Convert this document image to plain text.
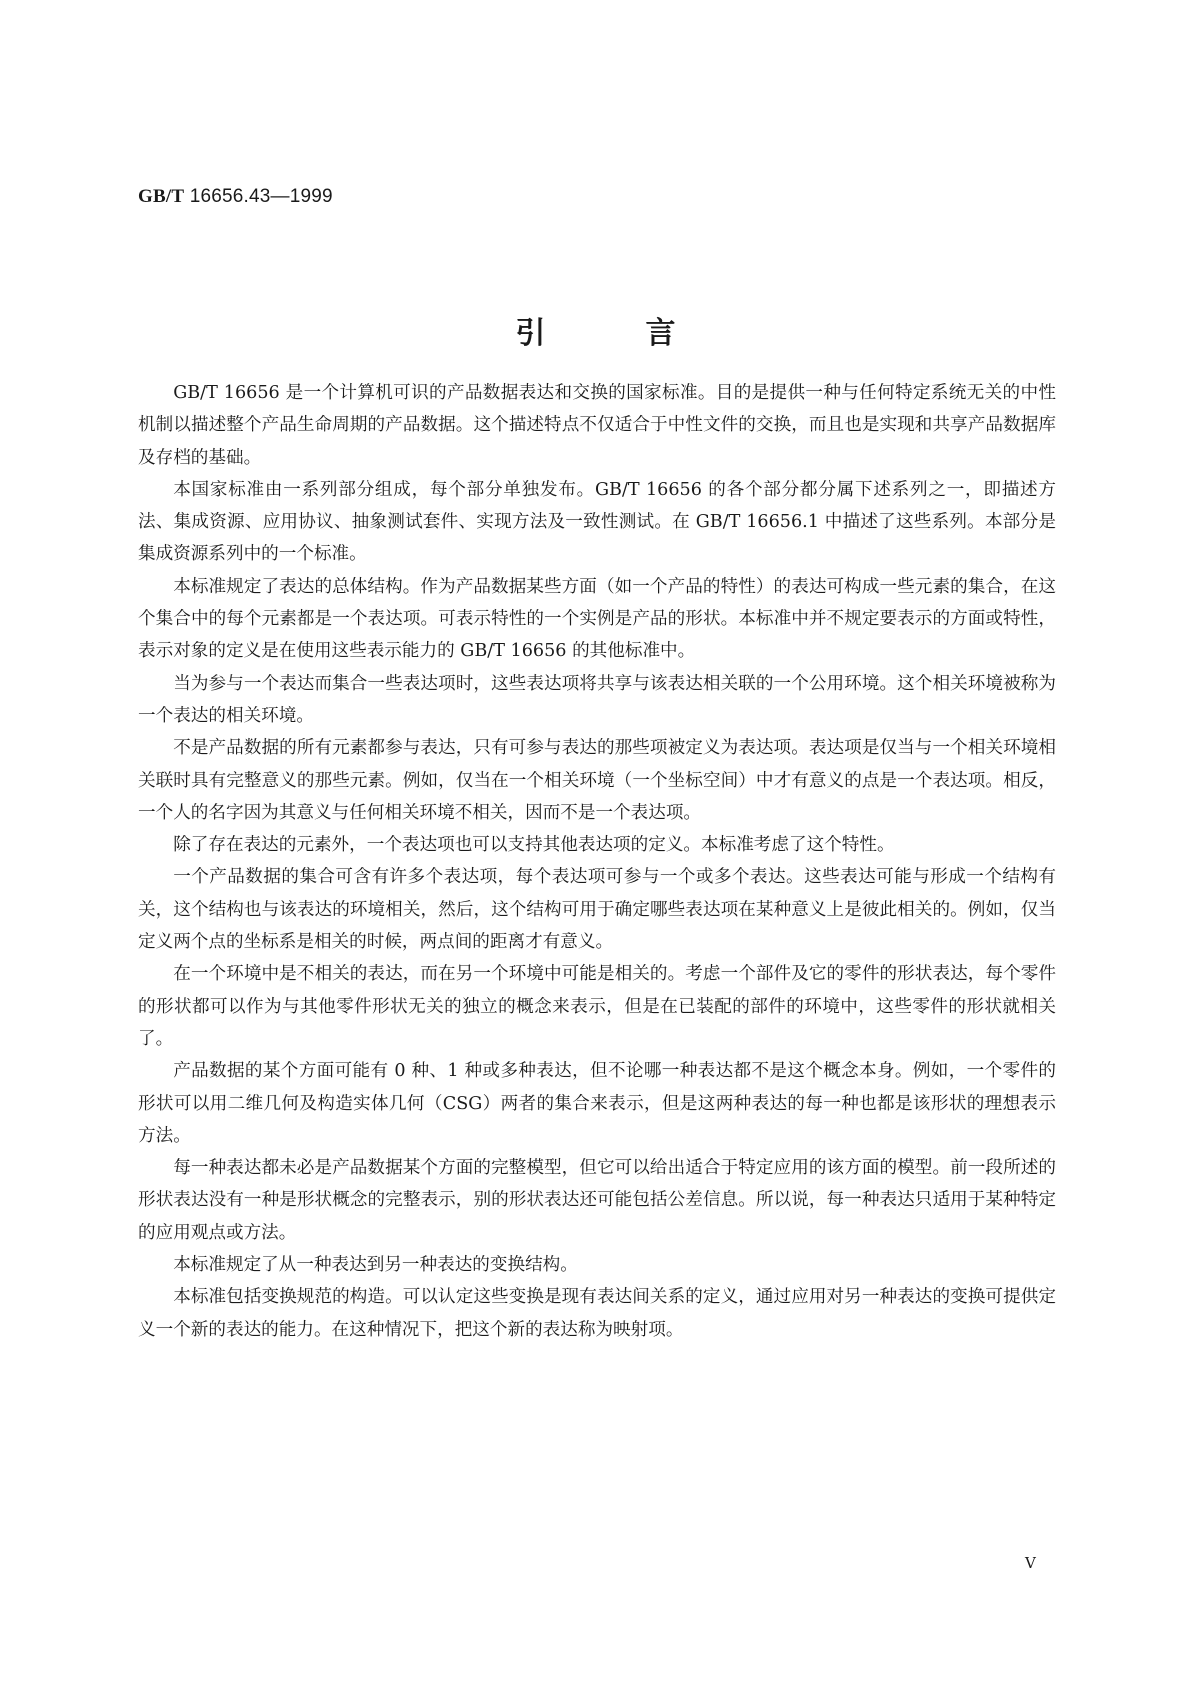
GB/T 16656.43—1999
引言

GB/T 16656 是一个计算机可识的产品数据表达和交换的国家标准。目的是提供一种与任何特定系统无关的中性机制以描述整个产品生命周期的产品数据。这个描述特点不仅适合于中性文件的交换，而且也是实现和共享产品数据库及存档的基础。

本国家标准由一系列部分组成，每个部分单独发布。GB/T 16656 的各个部分都分属下述系列之一，即描述方法、集成资源、应用协议、抽象测试套件、实现方法及一致性测试。在 GB/T 16656.1 中描述了这些系列。本部分是集成资源系列中的一个标准。

本标准规定了表达的总体结构。作为产品数据某些方面（如一个产品的特性）的表达可构成一些元素的集合，在这个集合中的每个元素都是一个表达项。可表示特性的一个实例是产品的形状。本标准中并不规定要表示的方面或特性，表示对象的定义是在使用这些表示能力的 GB/T 16656 的其他标准中。

当为参与一个表达而集合一些表达项时，这些表达项将共享与该表达相关联的一个公用环境。这个相关环境被称为一个表达的相关环境。

不是产品数据的所有元素都参与表达，只有可参与表达的那些项被定义为表达项。表达项是仅当与一个相关环境相关联时具有完整意义的那些元素。例如，仅当在一个相关环境（一个坐标空间）中才有意义的点是一个表达项。相反，一个人的名字因为其意义与任何相关环境不相关，因而不是一个表达项。

除了存在表达的元素外，一个表达项也可以支持其他表达项的定义。本标准考虑了这个特性。

一个产品数据的集合可含有许多个表达项，每个表达项可参与一个或多个表达。这些表达可能与形成一个结构有关，这个结构也与该表达的环境相关，然后，这个结构可用于确定哪些表达项在某种意义上是彼此相关的。例如，仅当定义两个点的坐标系是相关的时候，两点间的距离才有意义。

在一个环境中是不相关的表达，而在另一个环境中可能是相关的。考虑一个部件及它的零件的形状表达，每个零件的形状都可以作为与其他零件形状无关的独立的概念来表示，但是在已装配的部件的环境中，这些零件的形状就相关了。

产品数据的某个方面可能有 0 种、1 种或多种表达，但不论哪一种表达都不是这个概念本身。例如，一个零件的形状可以用二维几何及构造实体几何（CSG）两者的集合来表示，但是这两种表达的每一种也都是该形状的理想表示方法。

每一种表达都未必是产品数据某个方面的完整模型，但它可以给出适合于特定应用的该方面的模型。前一段所述的形状表达没有一种是形状概念的完整表示，别的形状表达还可能包括公差信息。所以说，每一种表达只适用于某种特定的应用观点或方法。

本标准规定了从一种表达到另一种表达的变换结构。

本标准包括变换规范的构造。可以认定这些变换是现有表达间关系的定义，通过应用对另一种表达的变换可提供定义一个新的表达的能力。在这种情况下，把这个新的表达称为映射项。

V
